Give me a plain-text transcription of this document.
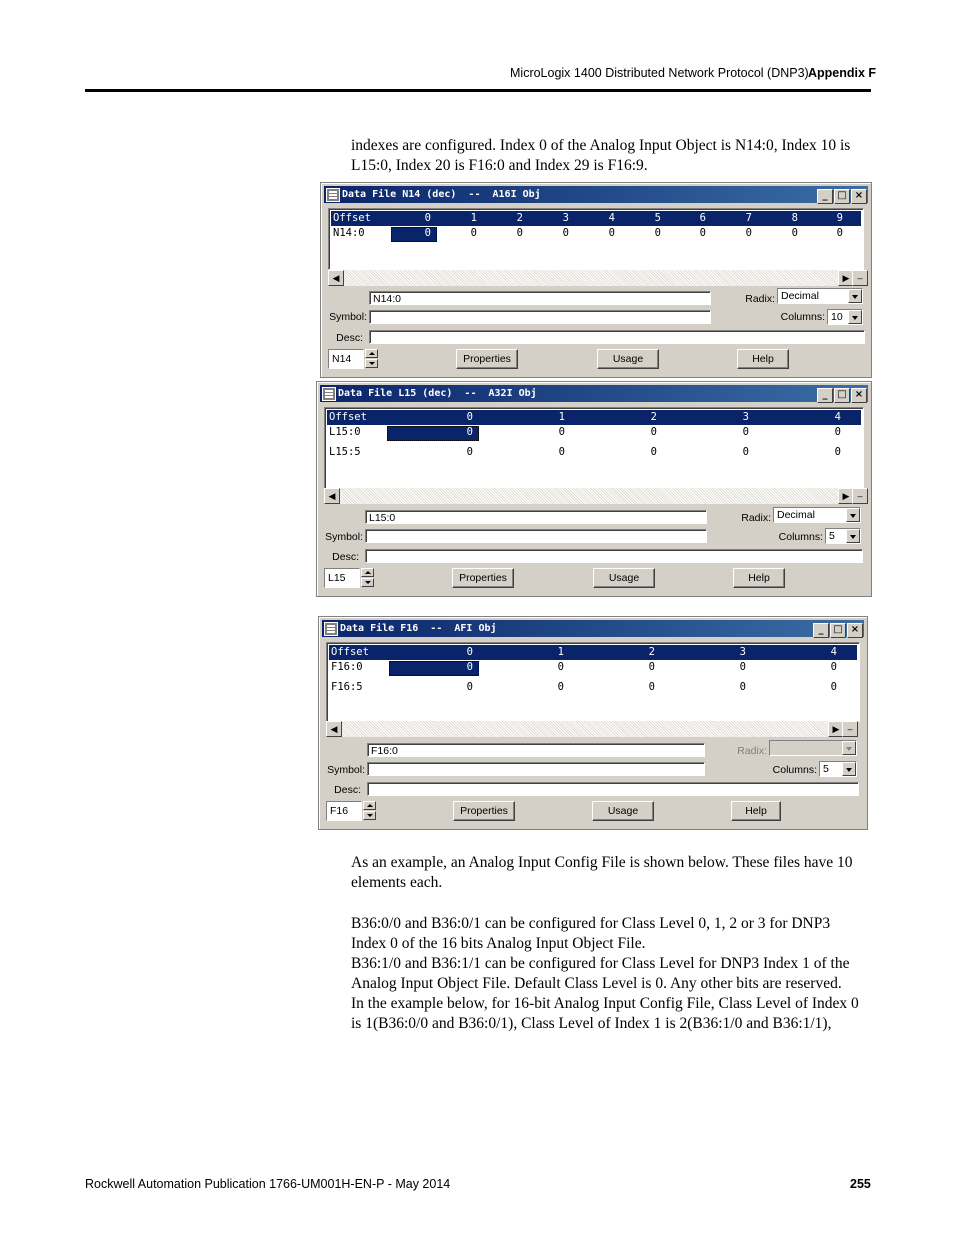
MicroLogix 1400 Distributed Network Protocol (DNP3) Appendix F
indexes are configured. Index 0 of the Analog Input Object is N14:0, Index 10 is
L15:0, Index 20 is F16:0 and Index 29 is F16:9.
Data File N14 (dec)  --  A16I Obj	_ □ ×
Offset	0	1	2	3	4	5	6	7	8	9
N14:0	0	0	0	0	0	0	0	0	0	0
◀	▶ –
N14:0	Radix: Decimal
Symbol:	Columns: 10
Desc:
N14	Properties	Usage	Help
Data File L15 (dec)  --  A32I Obj	_ □ ×
Offset	0	1	2	3	4
L15:0	0	0	0	0	0
L15:5	0	0	0	0	0
◀	▶ –
L15:0	Radix: Decimal
Symbol:	Columns: 5
Desc:
L15	Properties	Usage	Help
Data File F16  --  AFI Obj	_ □ ×
Offset	0	1	2	3	4
F16:0	0	0	0	0	0
F16:5	0	0	0	0	0
◀	▶ –
F16:0	Radix:
Symbol:	Columns: 5
Desc:
F16	Properties	Usage	Help
As an example, an Analog Input Config File is shown below. These files have 10
elements each.
B36:0/0 and B36:0/1 can be configured for Class Level 0, 1, 2 or 3 for DNP3
Index 0 of the 16 bits Analog Input Object File.
B36:1/0 and B36:1/1 can be configured for Class Level for DNP3 Index 1 of the
Analog Input Object File. Default Class Level is 0. Any other bits are reserved.
In the example below, for 16-bit Analog Input Config File, Class Level of Index 0
is 1(B36:0/0 and B36:0/1), Class Level of Index 1 is 2(B36:1/0 and B36:1/1),
Rockwell Automation Publication 1766-UM001H-EN-P - May 2014	255
